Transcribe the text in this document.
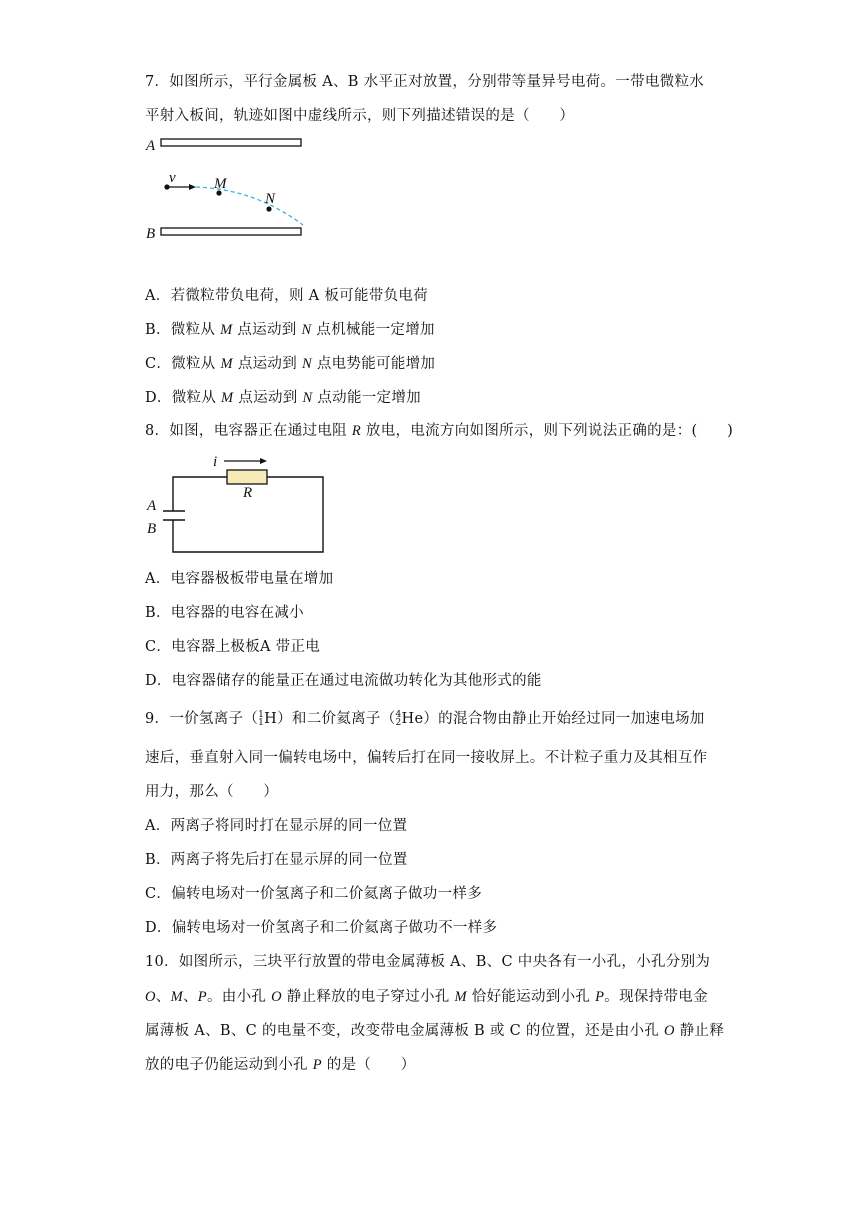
7．如图所示，平行金属板 A、B 水平正对放置，分别带等量异号电荷。一带电微粒水
平射入板间，轨迹如图中虚线所示，则下列描述错误的是（　　）
A
v	M
N
B
A．若微粒带负电荷，则 A 板可能带负电荷
B．微粒从 M 点运动到 N 点机械能一定增加
C．微粒从 M 点运动到 N 点电势能可能增加
D．微粒从 M 点运动到 N 点动能一定增加
8．如图，电容器正在通过电阻 R 放电，电流方向如图所示，则下列说法正确的是：(　　)
i
R
A
B
A．电容器极板带电量在增加
B．电容器的电容在减小
C．电容器上极板A 带正电
D．电容器储存的能量正在通过电流做功转化为其他形式的能
9．一价氢离子（1
1H）和二价氦离子（4
2He）的混合物由静止开始经过同一加速电场加
速后，垂直射入同一偏转电场中，偏转后打在同一接收屏上。不计粒子重力及其相互作
用力，那么（　　）
A．两离子将同时打在显示屏的同一位置
B．两离子将先后打在显示屏的同一位置
C．偏转电场对一价氢离子和二价氦离子做功一样多
D．偏转电场对一价氢离子和二价氦离子做功不一样多
10．如图所示，三块平行放置的带电金属薄板 A、B、C 中央各有一小孔，小孔分别为
O、M、P。由小孔 O 静止释放的电子穿过小孔 M 恰好能运动到小孔 P。现保持带电金
属薄板 A、B、C 的电量不变，改变带电金属薄板 B 或 C 的位置，还是由小孔 O 静止释
放的电子仍能运动到小孔 P 的是（　　）
